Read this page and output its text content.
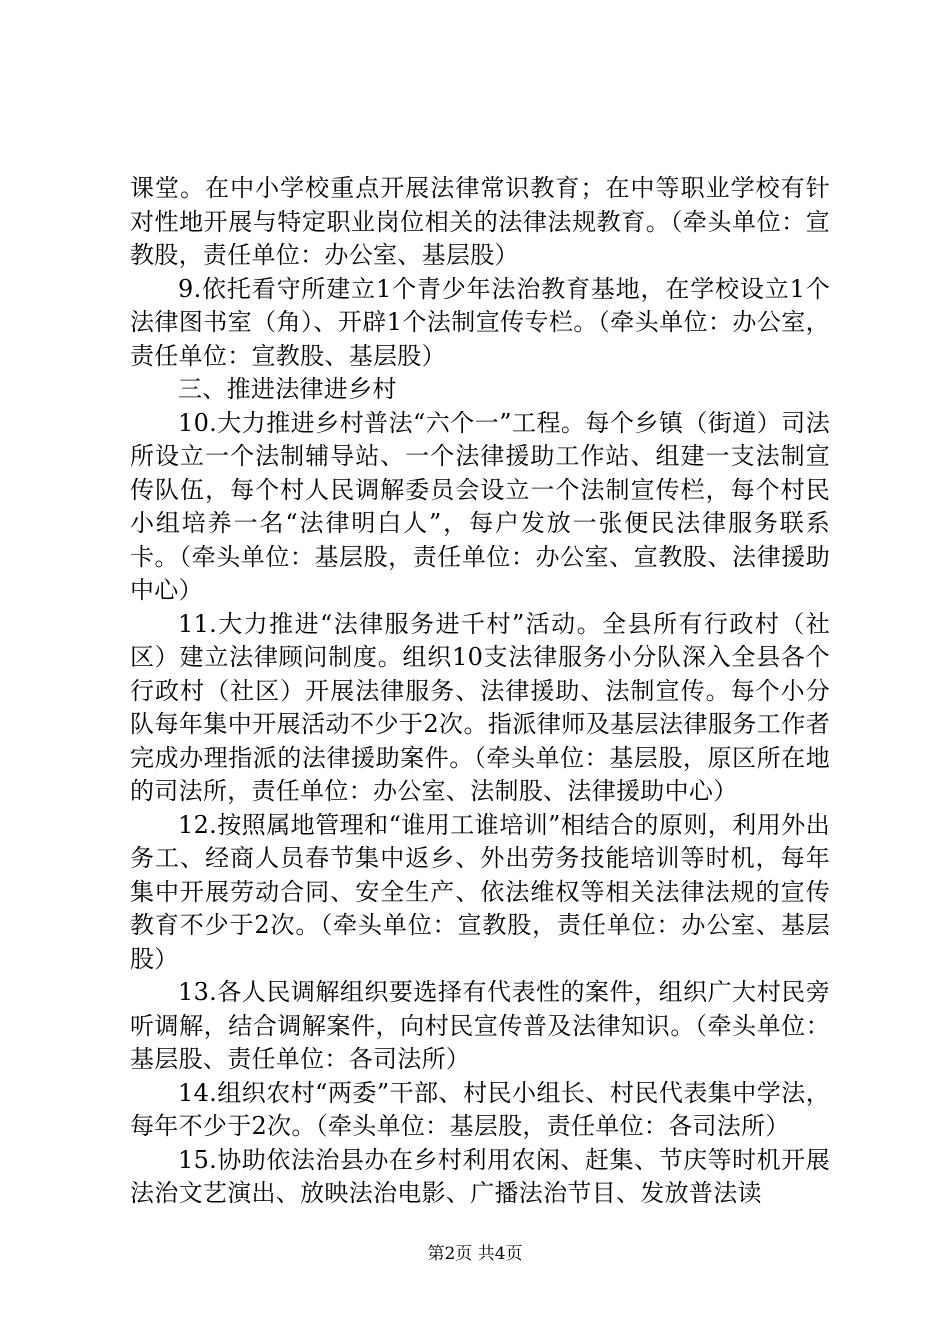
课堂。在中小学校重点开展法律常识教育；在中等职业学校有针对性地开展与特定职业岗位相关的法律法规教育。（牵头单位：宣教股，责任单位：办公室、基层股）

9.依托看守所建立1个青少年法治教育基地，在学校设立1个法律图书室（角）、开辟1个法制宣传专栏。（牵头单位：办公室，责任单位：宣教股、基层股）

三、推进法律进乡村

10.大力推进乡村普法“六个一”工程。每个乡镇（街道）司法所设立一个法制辅导站、一个法律援助工作站、组建一支法制宣传队伍，每个村人民调解委员会设立一个法制宣传栏，每个村民小组培养一名“法律明白人”，每户发放一张便民法律服务联系卡。（牵头单位：基层股，责任单位：办公室、宣教股、法律援助中心）

11.大力推进“法律服务进千村”活动。全县所有行政村（社区）建立法律顾问制度。组织10支法律服务小分队深入全县各个行政村（社区）开展法律服务、法律援助、法制宣传。每个小分队每年集中开展活动不少于2次。指派律师及基层法律服务工作者完成办理指派的法律援助案件。（牵头单位：基层股，原区所在地的司法所，责任单位：办公室、法制股、法律援助中心）

12.按照属地管理和“谁用工谁培训”相结合的原则，利用外出务工、经商人员春节集中返乡、外出劳务技能培训等时机，每年集中开展劳动合同、安全生产、依法维权等相关法律法规的宣传教育不少于2次。（牵头单位：宣教股，责任单位：办公室、基层股）

13.各人民调解组织要选择有代表性的案件，组织广大村民旁听调解，结合调解案件，向村民宣传普及法律知识。（牵头单位：基层股、责任单位：各司法所）

14.组织农村“两委”干部、村民小组长、村民代表集中学法，每年不少于2次。（牵头单位：基层股，责任单位：各司法所）

15.协助依法治县办在乡村利用农闲、赶集、节庆等时机开展法治文艺演出、放映法治电影、广播法治节目、发放普法读

第2页 共4页
